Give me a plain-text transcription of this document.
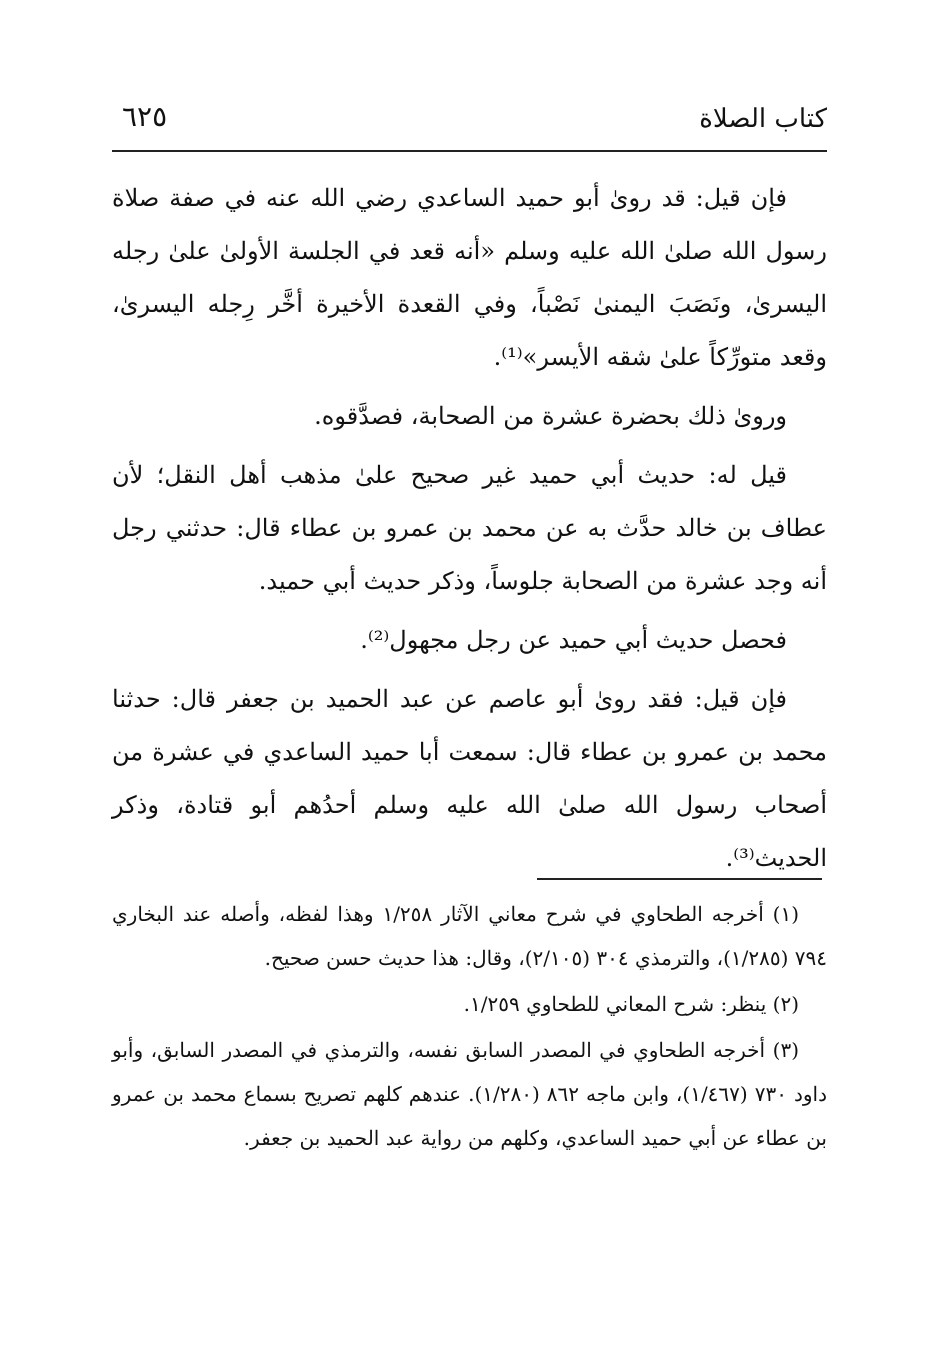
كتاب الصلاة
٦٢٥

فإن قيل: قد روىٰ أبو حميد الساعدي رضي الله عنه في صفة صلاة رسول الله صلىٰ الله عليه وسلم «أنه قعد في الجلسة الأولىٰ علىٰ رجله اليسرىٰ، ونَصَبَ اليمنىٰ نَصْباً، وفي القعدة الأخيرة أخَّر رِجله اليسرىٰ، وقعد متورِّكاً علىٰ شقه الأيسر»⁽¹⁾.

وروىٰ ذلك بحضرة عشرة من الصحابة، فصدَّقوه.

قيل له: حديث أبي حميد غير صحيح علىٰ مذهب أهل النقل؛ لأن عطاف بن خالد حدَّث به عن محمد بن عمرو بن عطاء قال: حدثني رجل أنه وجد عشرة من الصحابة جلوساً، وذكر حديث أبي حميد.

فحصل حديث أبي حميد عن رجل مجهول⁽²⁾.

فإن قيل: فقد روىٰ أبو عاصم عن عبد الحميد بن جعفر قال: حدثنا محمد بن عمرو بن عطاء قال: سمعت أبا حميد الساعدي في عشرة من أصحاب رسول الله صلىٰ الله عليه وسلم أحدُهم أبو قتادة، وذكر الحديث⁽³⁾.

(١) أخرجه الطحاوي في شرح معاني الآثار ١/٢٥٨ وهذا لفظه، وأصله عند البخاري ٧٩٤ (١/٢٨٥)، والترمذي ٣٠٤ (٢/١٠٥)، وقال: هذا حديث حسن صحيح.

(٢) ينظر: شرح المعاني للطحاوي ١/٢٥٩.

(٣) أخرجه الطحاوي في المصدر السابق نفسه، والترمذي في المصدر السابق، وأبو داود ٧٣٠ (١/٤٦٧)، وابن ماجه ٨٦٢ (١/٢٨٠). عندهم كلهم تصريح بسماع محمد بن عمرو بن عطاء عن أبي حميد الساعدي، وكلهم من رواية عبد الحميد بن جعفر.
